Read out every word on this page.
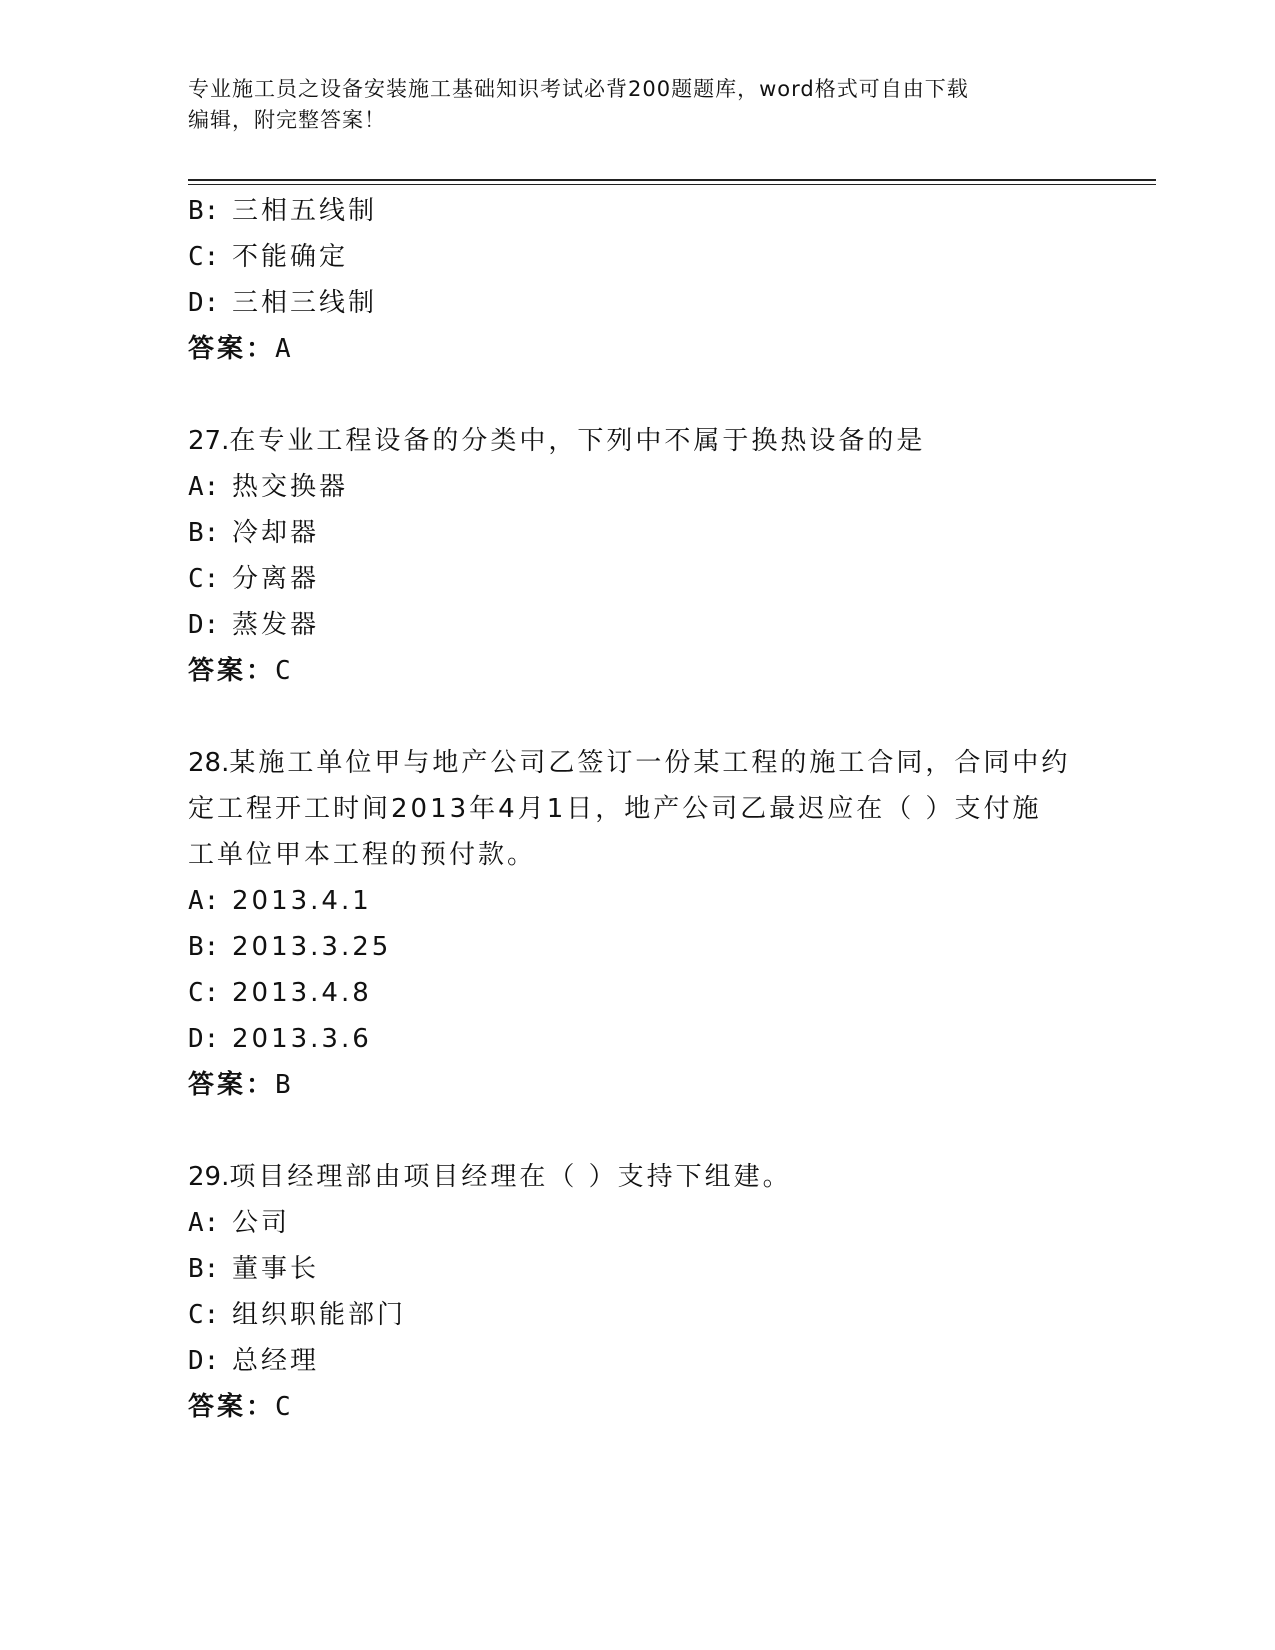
专业施工员之设备安装施工基础知识考试必背200题题库，word格式可自由下载
编辑，附完整答案！
B: 三相五线制
C: 不能确定
D: 三相三线制
答案：A
27.在专业工程设备的分类中，下列中不属于换热设备的是
A: 热交换器
B: 冷却器
C: 分离器
D: 蒸发器
答案：C
28.某施工单位甲与地产公司乙签订一份某工程的施工合同，合同中约
定工程开工时间2013年4月1日，地产公司乙最迟应在（ ）支付施
工单位甲本工程的预付款。
A: 2013.4.1
B: 2013.3.25
C: 2013.4.8
D: 2013.3.6
答案：B
29.项目经理部由项目经理在（ ）支持下组建。
A: 公司
B: 董事长
C: 组织职能部门
D: 总经理
答案：C
